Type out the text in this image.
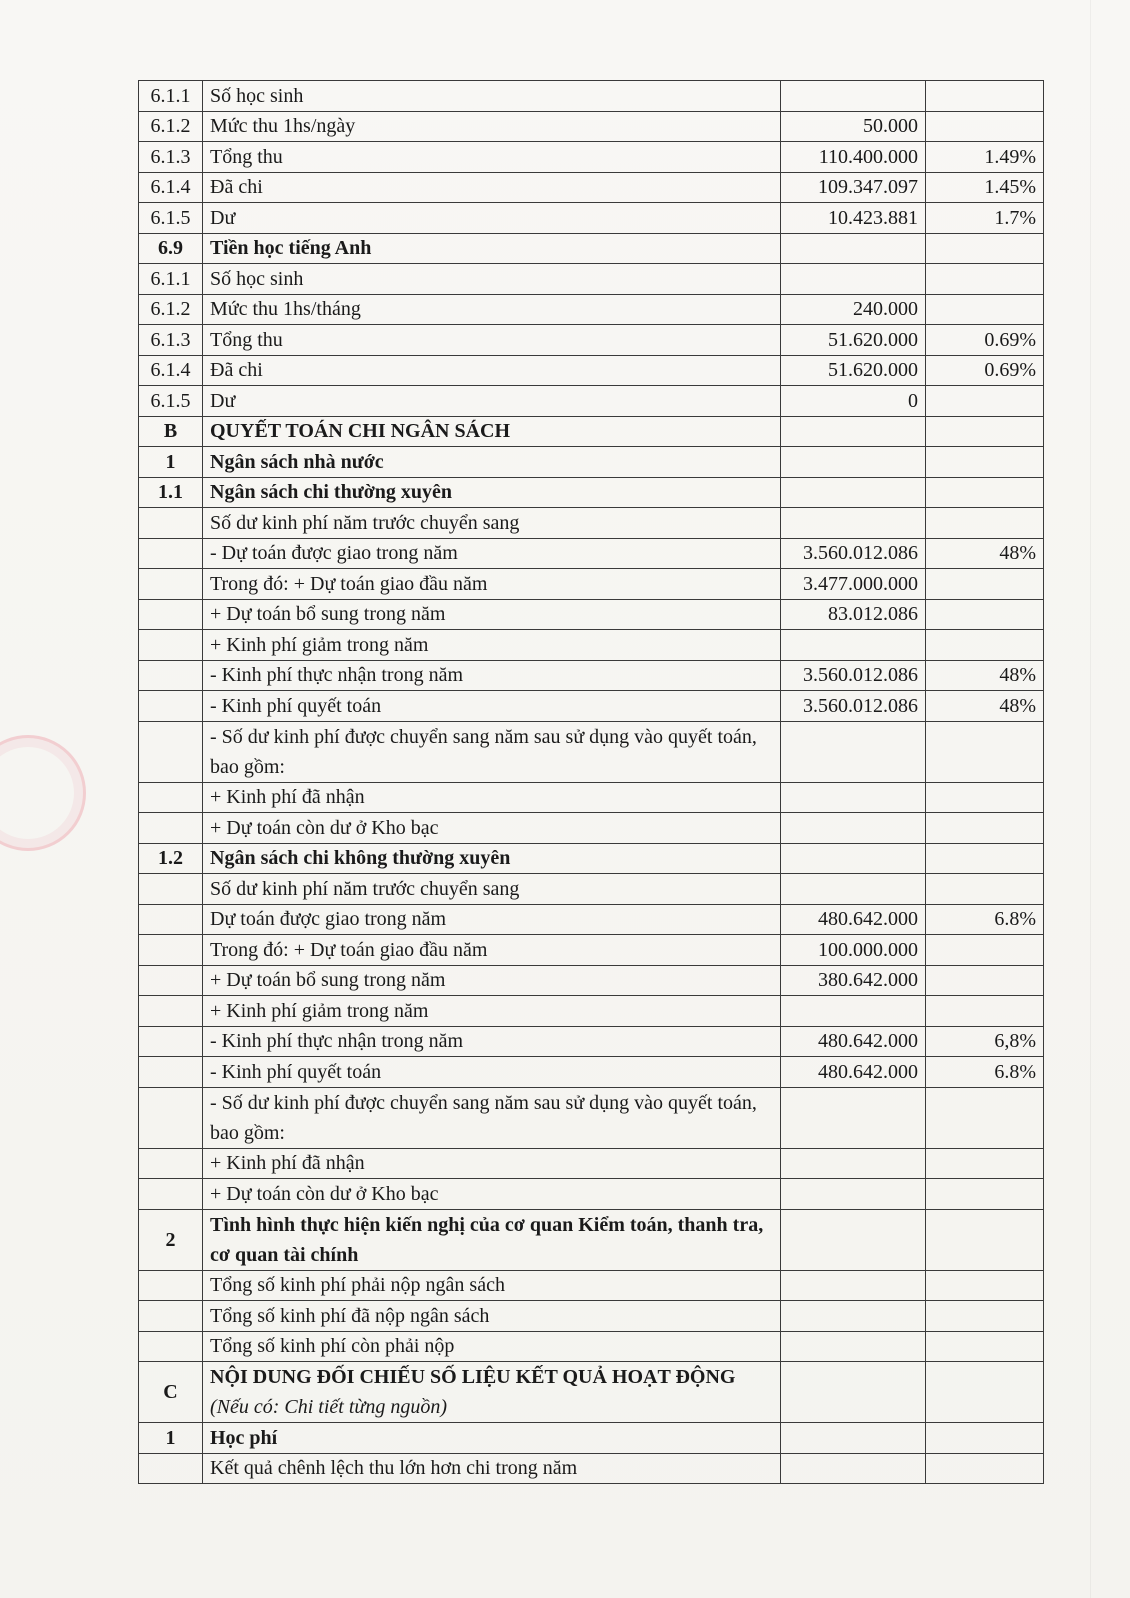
6.1.1	Số học sinh		
6.1.2	Mức thu 1hs/ngày	50.000	
6.1.3	Tổng thu	110.400.000	1.49%
6.1.4	Đã chi	109.347.097	1.45%
6.1.5	Dư	10.423.881	1.7%
6.9	Tiền học tiếng Anh		
6.1.1	Số học sinh		
6.1.2	Mức thu 1hs/tháng	240.000	
6.1.3	Tổng thu	51.620.000	0.69%
6.1.4	Đã chi	51.620.000	0.69%
6.1.5	Dư	0	
B	QUYẾT TOÁN CHI NGÂN SÁCH		
1	Ngân sách nhà nước		
1.1	Ngân sách chi thường xuyên		
	Số dư kinh phí năm trước chuyển sang		
	- Dự toán được giao trong năm	3.560.012.086	48%
	Trong đó: + Dự toán giao đầu năm	3.477.000.000	
	+ Dự toán bổ sung trong năm	83.012.086	
	+ Kinh phí giảm trong năm		
	- Kinh phí thực nhận trong năm	3.560.012.086	48%
	- Kinh phí quyết toán	3.560.012.086	48%
	- Số dư kinh phí được chuyển sang năm sau sử dụng vào quyết toán, bao gồm:		
	+ Kinh phí đã nhận		
	+ Dự toán còn dư ở Kho bạc		
1.2	Ngân sách chi không thường xuyên		
	Số dư kinh phí năm trước chuyển sang		
	Dự toán được giao trong năm	480.642.000	6.8%
	Trong đó: + Dự toán giao đầu năm	100.000.000	
	+ Dự toán bổ sung trong năm	380.642.000	
	+ Kinh phí giảm trong năm		
	- Kinh phí thực nhận trong năm	480.642.000	6,8%
	- Kinh phí quyết toán	480.642.000	6.8%
	- Số dư kinh phí được chuyển sang năm sau sử dụng vào quyết toán, bao gồm:		
	+ Kinh phí đã nhận		
	+ Dự toán còn dư ở Kho bạc		
2	Tình hình thực hiện kiến nghị của cơ quan Kiểm toán, thanh tra, cơ quan tài chính		
	Tổng số kinh phí phải nộp ngân sách		
	Tổng số kinh phí đã nộp ngân sách		
	Tổng số kinh phí còn phải nộp		
C	NỘI DUNG ĐỐI CHIẾU SỐ LIỆU KẾT QUẢ HOẠT ĐỘNG (Nếu có: Chi tiết từng nguồn)		
1	Học phí		
	Kết quả chênh lệch thu lớn hơn chi trong năm		
